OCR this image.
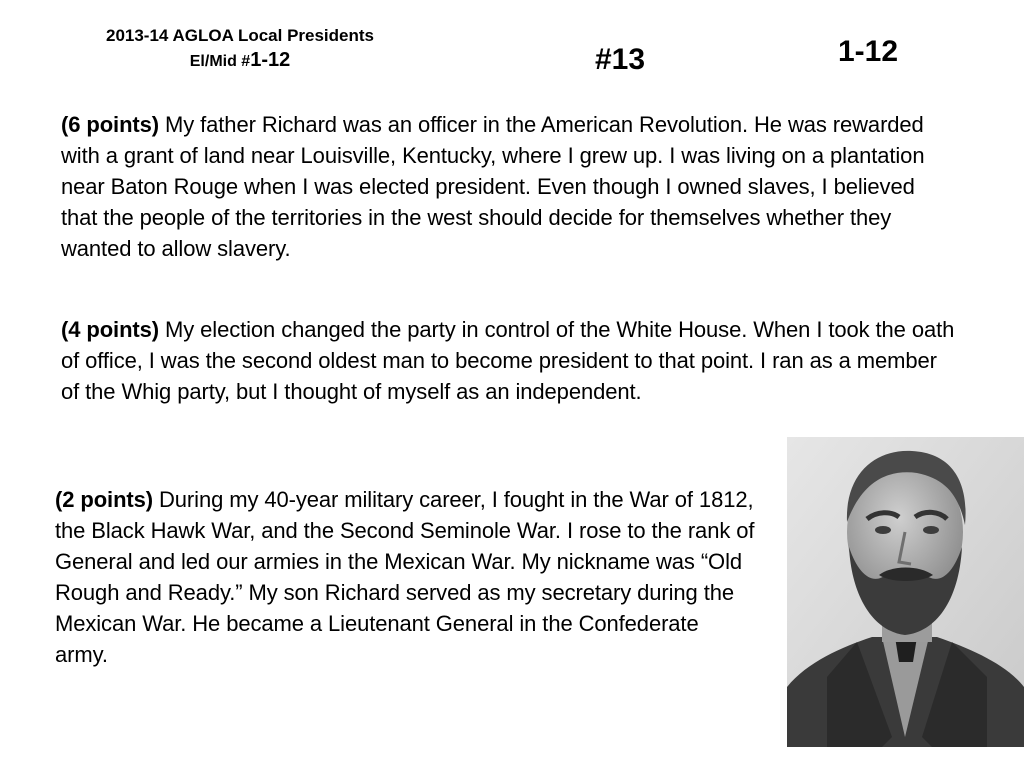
2013-14 AGLOA Local Presidents
El/Mid #1-12	#13	1-12
(6 points) My father Richard was an officer in the American Revolution. He was rewarded with a grant of land near Louisville, Kentucky, where I grew up. I was living on a plantation near Baton Rouge when I was elected president. Even though I owned slaves, I believed that the people of the territories in the west should decide for themselves whether they wanted to allow slavery.
(4 points) My election changed the party in control of the White House. When I took the oath of office, I was the second oldest man to become president to that point. I ran as a member of the Whig party, but I thought of myself as an independent.
(2 points) During my 40-year military career, I fought in the War of 1812, the Black Hawk War, and the Second Seminole War. I rose to the rank of General and led our armies in the Mexican War. My nickname was “Old Rough and Ready.” My son Richard served as my secretary during the Mexican War. He became a Lieutenant General in the Confederate army.
